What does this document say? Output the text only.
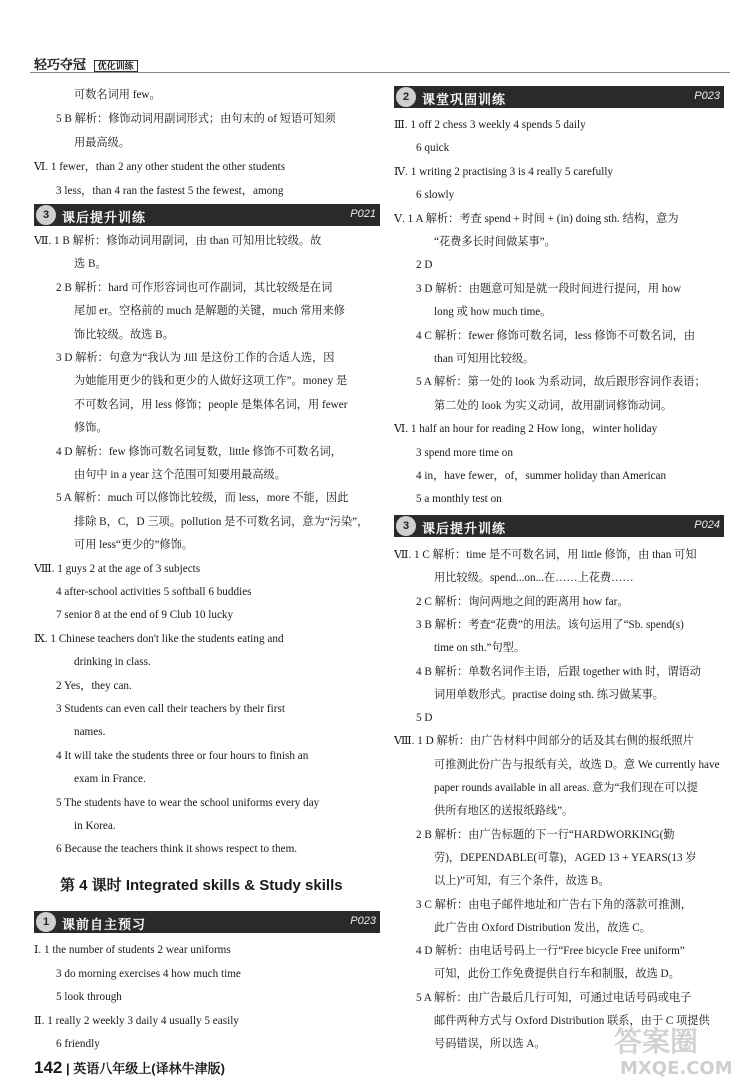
轻巧夺冠 优化训练
可数名词用 few。
5 B 解析：修饰动词用副词形式；由句末的 of 短语可知须
用最高级。
Ⅵ. 1 fewer，than 2 any other student the other students
3 less，than 4 ran the fastest 5 the fewest，among
3 课后提升训练	P021
Ⅶ. 1 B 解析：修饰动词用副词，由 than 可知用比较级。故
选 B。
2 B 解析：hard 可作形容词也可作副词，其比较级是在词
尾加 er。空格前的 much 是解题的关键，much 常用来修
饰比较级。故选 B。
3 D 解析：句意为“我认为 Jill 是这份工作的合适人选，因
为她能用更少的钱和更少的人做好这项工作”。money 是
不可数名词，用 less 修饰；people 是集体名词，用 fewer
修饰。
4 D 解析：few 修饰可数名词复数，little 修饰不可数名词，
由句中 in a year 这个范围可知要用最高级。
5 A 解析：much 可以修饰比较级，而 less，more 不能，因此
排除 B，C，D 三项。pollution 是不可数名词，意为“污染”，
可用 less“更少的”修饰。
Ⅷ. 1 guys 2 at the age of 3 subjects
4 after-school activities 5 softball 6 buddies
7 senior 8 at the end of 9 Club 10 lucky
Ⅸ. 1 Chinese teachers don't like the students eating and
drinking in class.
2 Yes，they can.
3 Students can even call their teachers by their first
names.
4 It will take the students three or four hours to finish an
exam in France.
5 The students have to wear the school uniforms every day
in Korea.
6 Because the teachers think it shows respect to them.
第 4 课时 Integrated skills & Study skills
1 课前自主预习	P023
Ⅰ. 1 the number of students 2 wear uniforms
3 do morning exercises 4 how much time
5 look through
Ⅱ. 1 really 2 weekly 3 daily 4 usually 5 easily
6 friendly
2 课堂巩固训练	P023
Ⅲ. 1 off 2 chess 3 weekly 4 spends 5 daily
6 quick
Ⅳ. 1 writing 2 practising 3 is 4 really 5 carefully
6 slowly
Ⅴ. 1 A 解析：考查 spend + 时间 + (in) doing sth. 结构，意为
“花费多长时间做某事”。
2 D
3 D 解析：由题意可知是就一段时间进行提问，用 how
long 或 how much time。
4 C 解析：fewer 修饰可数名词，less 修饰不可数名词，由
than 可知用比较级。
5 A 解析：第一处的 look 为系动词，故后跟形容词作表语；
第二处的 look 为实义动词，故用副词修饰动词。
Ⅵ. 1 half an hour for reading 2 How long，winter holiday
3 spend more time on
4 in，have fewer，of，summer holiday than American
5 a monthly test on
3 课后提升训练	P024
Ⅶ. 1 C 解析：time 是不可数名词，用 little 修饰，由 than 可知
用比较级。spend...on...在……上花费……
2 C 解析：询问两地之间的距离用 how far。
3 B 解析：考查“花费”的用法。该句运用了“Sb. spend(s)
time on sth.”句型。
4 B 解析：单数名词作主语，后跟 together with 时，谓语动
词用单数形式。practise doing sth. 练习做某事。
5 D
Ⅷ. 1 D 解析：由广告材料中间部分的话及其右侧的报纸照片
可推测此份广告与报纸有关，故选 D。意 We currently have
paper rounds available in all areas. 意为“我们现在可以提
供所有地区的送报纸路线”。
2 B 解析：由广告标题的下一行“HARDWORKING(勤
劳)，DEPENDABLE(可靠)，AGED 13 + YEARS(13 岁
以上)”可知，有三个条件，故选 B。
3 C 解析：由电子邮件地址和广告右下角的落款可推测，
此广告由 Oxford Distribution 发出，故选 C。
4 D 解析：由电话号码上一行“Free bicycle Free uniform”
可知，此份工作免费提供自行车和制服，故选 D。
5 A 解析：由广告最后几行可知，可通过电话号码或电子
邮件两种方式与 Oxford Distribution 联系，由于 C 项提供
号码错误，所以选 A。
142 | 英语八年级上(译林牛津版)
答案圈
MXQE.COM
